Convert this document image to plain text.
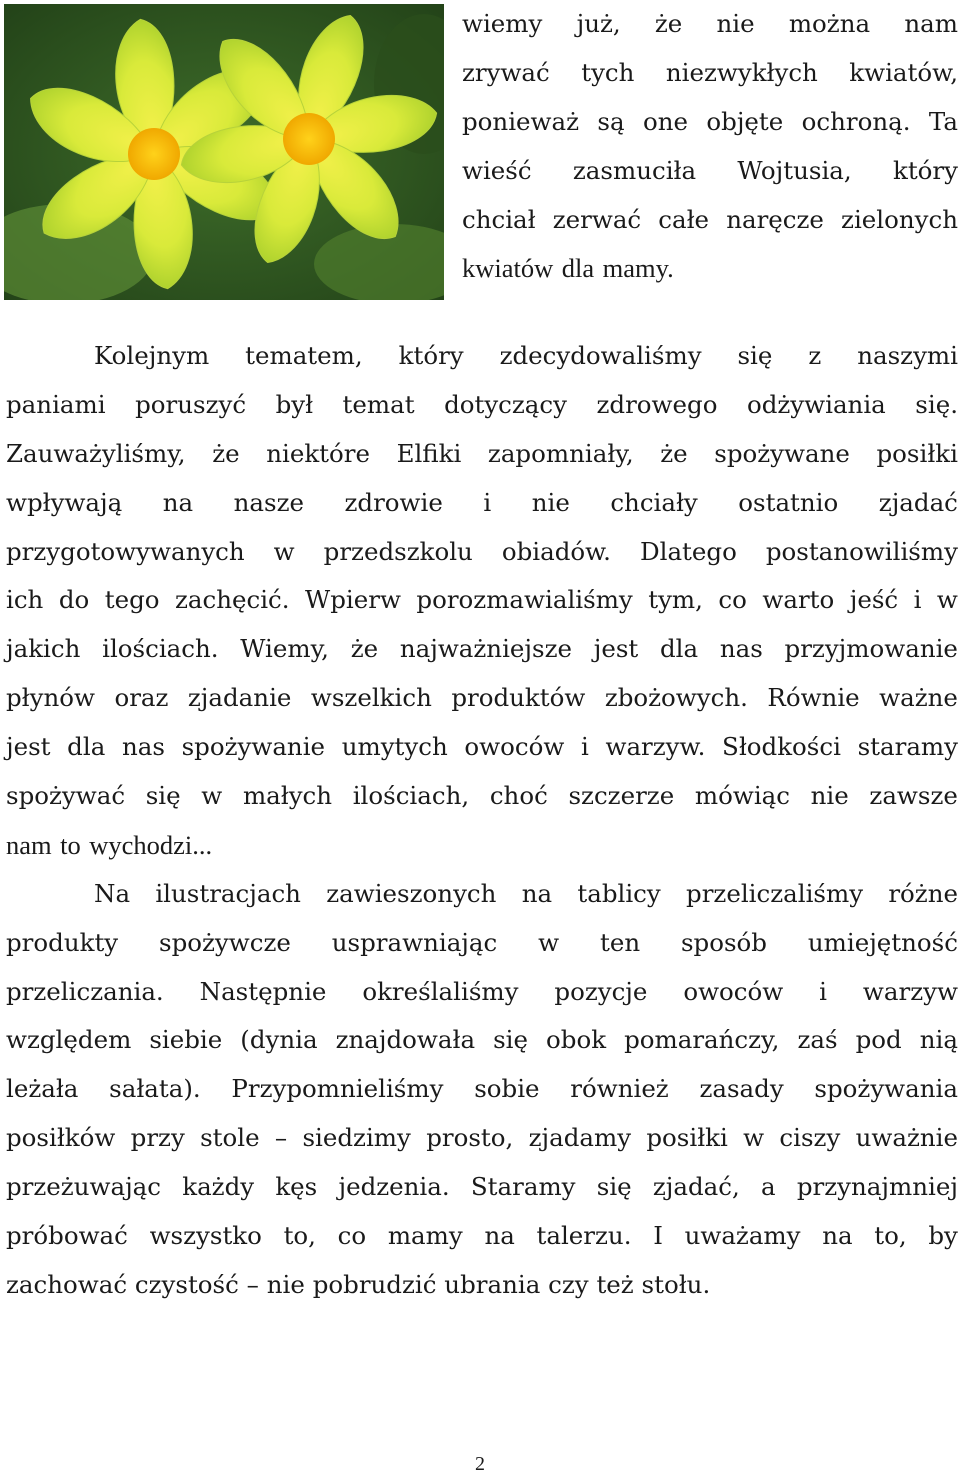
wiemy już, że nie można nam
zrywać tych niezwykłych kwiatów,
ponieważ są one objęte ochroną. Ta
wieść zasmuciła Wojtusia, który
chciał zerwać całe naręcze zielonych
kwiatów dla mamy.
Kolejnym tematem, który zdecydowaliśmy się z naszymi
paniami poruszyć był temat dotyczący zdrowego odżywiania się.
Zauważyliśmy, że niektóre Elfiki zapomniały, że spożywane posiłki
wpływają na nasze zdrowie i nie chciały ostatnio zjadać
przygotowywanych w przedszkolu obiadów. Dlatego postanowiliśmy
ich do tego zachęcić. Wpierw porozmawialiśmy tym, co warto jeść i w
jakich ilościach. Wiemy, że najważniejsze jest dla nas przyjmowanie
płynów oraz zjadanie wszelkich produktów zbożowych. Równie ważne
jest dla nas spożywanie umytych owoców i warzyw. Słodkości staramy
spożywać się w małych ilościach, choć szczerze mówiąc nie zawsze
nam to wychodzi...
Na ilustracjach zawieszonych na tablicy przeliczaliśmy różne
produkty spożywcze usprawniając w ten sposób umiejętność
przeliczania. Następnie określaliśmy pozycje owoców i warzyw
względem siebie (dynia znajdowała się obok pomarańczy, zaś pod nią
leżała sałata). Przypomnieliśmy sobie również zasady spożywania
posiłków przy stole – siedzimy prosto, zjadamy posiłki w ciszy uważnie
przeżuwając każdy kęs jedzenia. Staramy się zjadać, a przynajmniej
próbować wszystko to, co mamy na talerzu. I uważamy na to, by
zachować czystość – nie pobrudzić ubrania czy też stołu.
2
